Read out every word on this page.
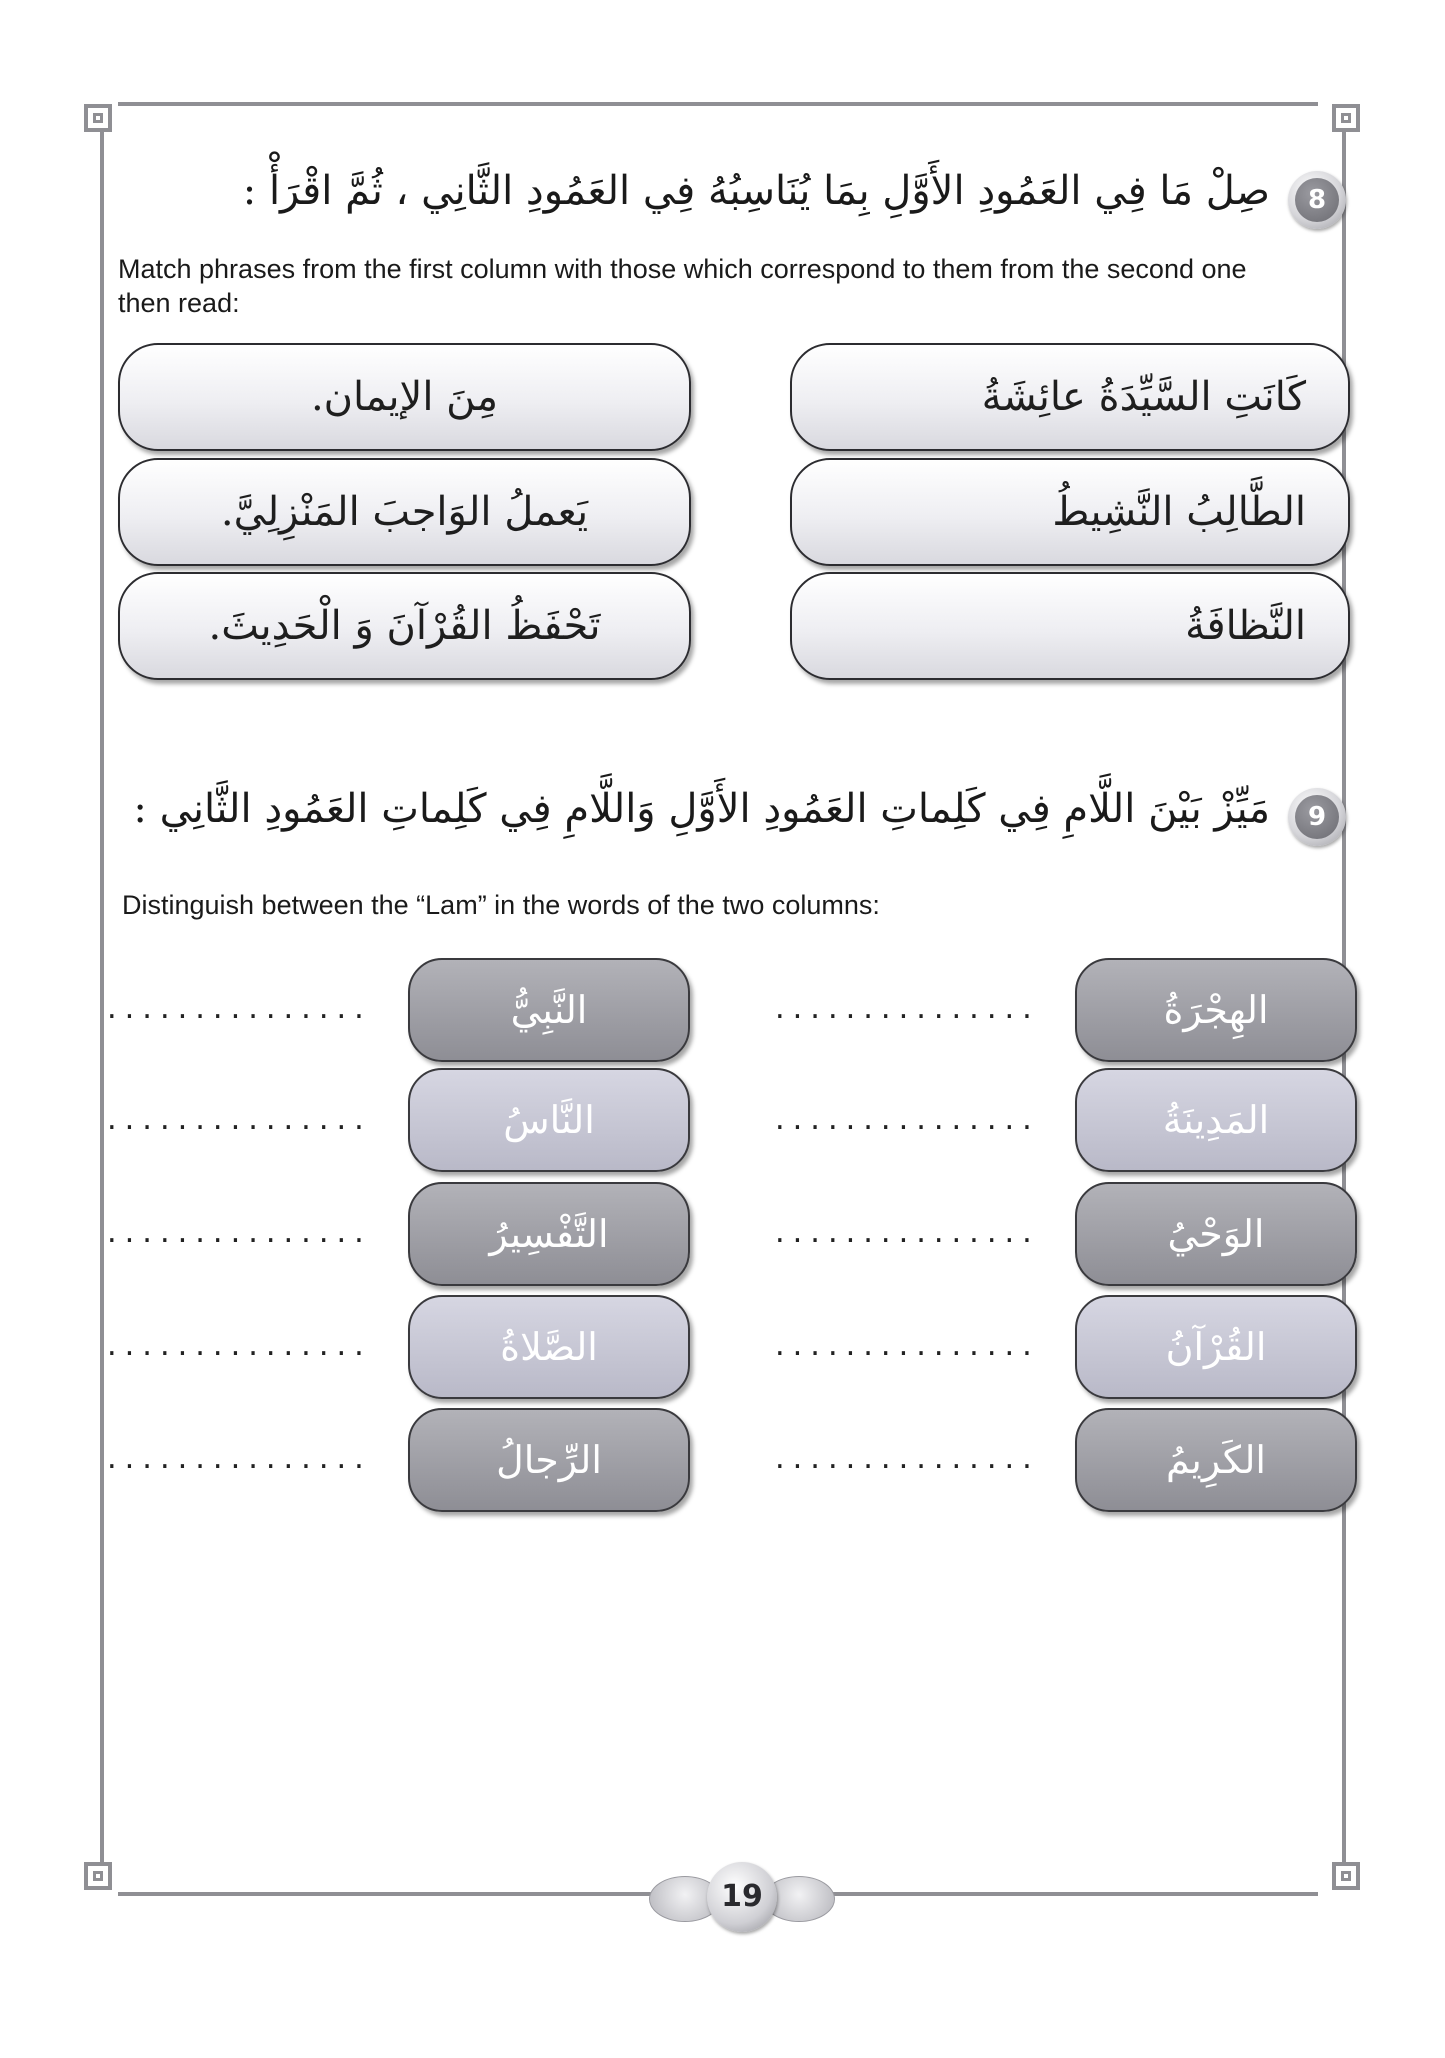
8
صِلْ مَا فِي العَمُودِ الأَوَّلِ بِمَا يُنَاسِبُهُ فِي العَمُودِ الثَّانِي ، ثُمَّ اقْرَأْ :
Match phrases from the first column with those which correspond to them from the second one then read:
كَانَتِ السَّيِّدَةُ عائِشَةُ
الطَّالِبُ النَّشِيطُ
النَّظافَةُ
مِنَ الإيمان.
يَعملُ الوَاجبَ المَنْزِلِيَّ.
تَحْفَظُ القُرْآنَ وَ الْحَدِيثَ.
9
مَيِّزْ بَيْنَ اللَّامِ فِي كَلِماتِ العَمُودِ الأَوَّلِ وَاللَّامِ فِي كَلِماتِ العَمُودِ الثَّانِي :
Distinguish between the “Lam” in the words of the two columns:
الهِجْرَةُ
المَدِينَةُ
الوَحْيُ
القُرْآنُ
الكَرِيمُ
النَّبِيُّ
النَّاسُ
التَّفْسِيرُ
الصَّلاةُ
الرِّجالُ
...............
...............
...............
...............
...............
...............
...............
...............
...............
...............
19
